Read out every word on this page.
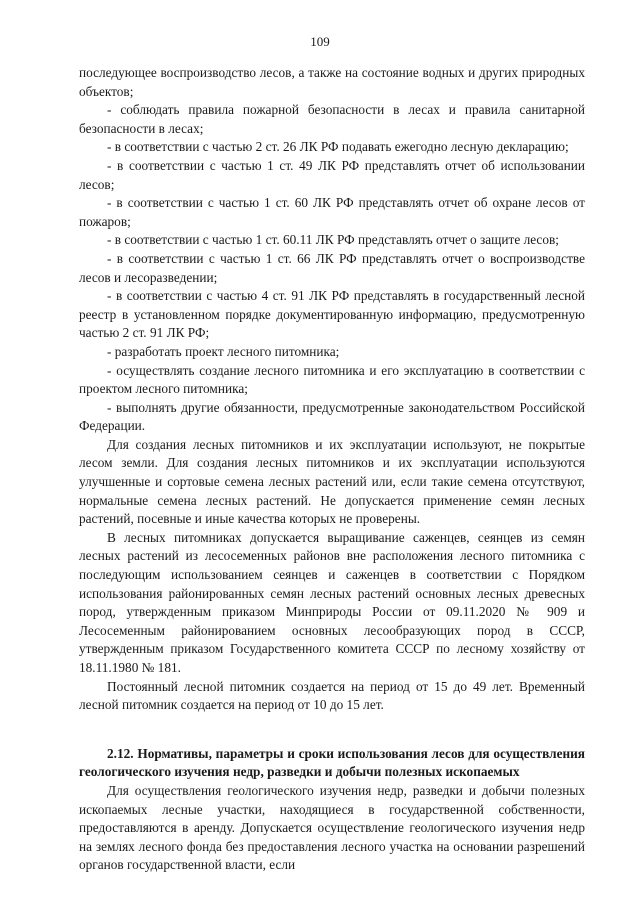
109

последующее воспроизводство лесов, а также на состояние водных и других природных объектов;

- соблюдать правила пожарной безопасности в лесах и правила санитарной безопасности в лесах;

- в соответствии с частью 2 ст. 26 ЛК РФ подавать ежегодно лесную декларацию;

- в соответствии с частью 1 ст. 49 ЛК РФ представлять отчет об использовании лесов;

- в соответствии с частью 1 ст. 60 ЛК РФ представлять отчет об охране лесов от пожаров;

- в соответствии с частью 1 ст. 60.11 ЛК РФ представлять отчет о защите лесов;

- в соответствии с частью 1 ст. 66 ЛК РФ представлять отчет о воспроизводстве лесов и лесоразведении;

- в соответствии с частью 4 ст. 91 ЛК РФ представлять в государственный лесной реестр в установленном порядке документированную информацию, предусмотренную частью 2 ст. 91 ЛК РФ;

- разработать проект лесного питомника;

- осуществлять создание лесного питомника и его эксплуатацию в соответствии с проектом лесного питомника;

- выполнять другие обязанности, предусмотренные законодательством Российской Федерации.

Для создания лесных питомников и их эксплуатации используют, не покрытые лесом земли. Для создания лесных питомников и их эксплуатации используются улучшенные и сортовые семена лесных растений или, если такие семена отсутствуют, нормальные семена лесных растений. Не допускается применение семян лесных растений, посевные и иные качества которых не проверены.

В лесных питомниках допускается выращивание саженцев, сеянцев из семян лесных растений из лесосеменных районов вне расположения лесного питомника с последующим использованием сеянцев и саженцев в соответствии с Порядком использования районированных семян лесных растений основных лесных древесных пород, утвержденным приказом Минприроды России от 09.11.2020 № 909 и Лесосеменным районированием основных лесообразующих пород в СССР, утвержденным приказом Государственного комитета СССР по лесному хозяйству от 18.11.1980 № 181.

Постоянный лесной питомник создается на период от 15 до 49 лет. Временный лесной питомник создается на период от 10 до 15 лет.

2.12. Нормативы, параметры и сроки использования лесов для осуществления геологического изучения недр, разведки и добычи полезных ископаемых

Для осуществления геологического изучения недр, разведки и добычи полезных ископаемых лесные участки, находящиеся в государственной собственности, предоставляются в аренду. Допускается осуществление геологического изучения недр на землях лесного фонда без предоставления лесного участка на основании разрешений органов государственной власти, если
